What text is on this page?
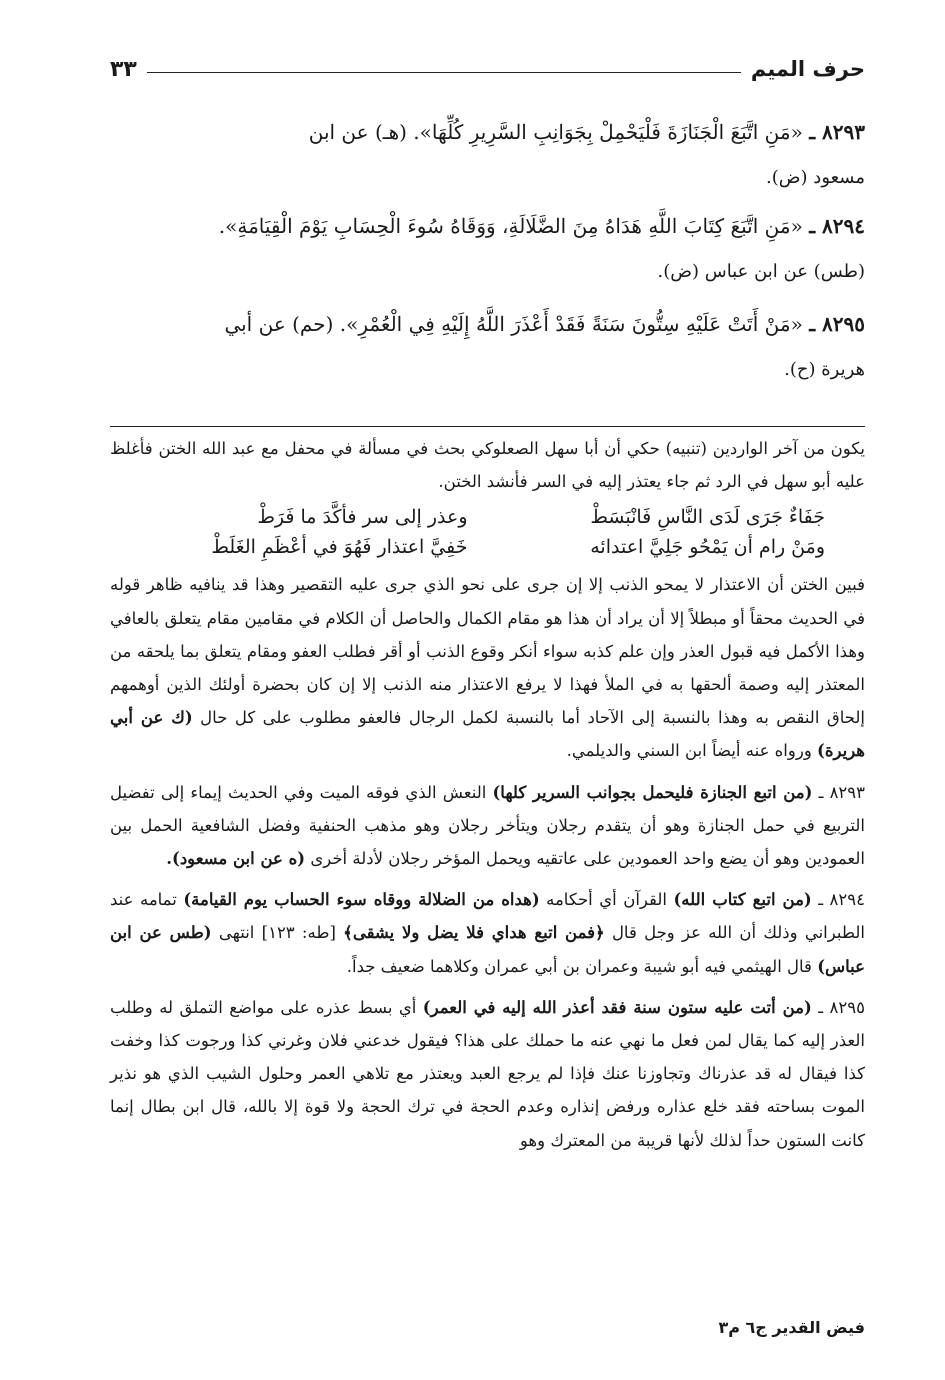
حرف الميم
٣٣
٨٢٩٣ ـ «مَنِ اتَّبَعَ الْجَنَازَةَ فَلْيَحْمِلْ بِجَوَانِبِ السَّرِيرِ كُلِّهَا». (هـ) عن ابن
مسعود (ض).
٨٢٩٤ ـ «مَنِ اتَّبَعَ كِتَابَ اللَّهِ هَدَاهُ مِنَ الضَّلَالَةِ، وَوَقَاهُ سُوءَ الْحِسَابِ يَوْمَ الْقِيَامَةِ».
(طس) عن ابن عباس (ض).
٨٢٩٥ ـ «مَنْ أَتَتْ عَلَيْهِ سِتُّونَ سَنَةً فَقَدْ أَعْذَرَ اللَّهُ إِلَيْهِ فِي الْعُمْرِ». (حم) عن أبي
هريرة (ح).

يكون من آخر الواردين (تنبيه) حكي أن أبا سهل الصعلوكي بحث في مسألة في محفل مع عبد الله الختن فأغلظ عليه أبو سهل في الرد ثم جاء يعتذر إليه في السر فأنشد الختن.

جَفَاءٌ جَرَى لَدَى النَّاسِ فَانْبَسَطْ
وعذر إلى سر فأكَّدَ ما فَرَطْ
ومَنْ رام أن يَمْحُو جَلِيَّ اعتدائه
خَفِيَّ اعتذار فَهُوَ في أعْظَمِ الغَلَطْ

فبين الختن أن الاعتذار لا يمحو الذنب إلا إن جرى على نحو الذي جرى عليه التقصير وهذا قد ينافيه ظاهر قوله في الحديث محقاً أو مبطلاً إلا أن يراد أن هذا هو مقام الكمال والحاصل أن الكلام في مقامين مقام يتعلق بالعافي وهذا الأكمل فيه قبول العذر وإن علم كذبه سواء أنكر وقوع الذنب أو أقر فطلب العفو ومقام يتعلق بما يلحقه من المعتذر إليه وصمة ألحقها به في الملأ فهذا لا يرفع الاعتذار منه الذنب إلا إن كان بحضرة أولئك الذين أوهمهم إلحاق النقص به وهذا بالنسبة إلى الآحاد أما بالنسبة لكمل الرجال فالعفو مطلوب على كل حال (ك عن أبي هريرة) ورواه عنه أيضاً ابن السني والديلمي.

٨٢٩٣ ـ (من اتبع الجنازة فليحمل بجوانب السرير كلها) النعش الذي فوقه الميت وفي الحديث إيماء إلى تفضيل التربيع في حمل الجنازة وهو أن يتقدم رجلان ويتأخر رجلان وهو مذهب الحنفية وفضل الشافعية الحمل بين العمودين وهو أن يضع واحد العمودين على عاتقيه ويحمل المؤخر رجلان لأدلة أخرى (ه عن ابن مسعود).

٨٢٩٤ ـ (من اتبع كتاب الله) القرآن أي أحكامه (هداه من الضلالة ووقاه سوء الحساب يوم القيامة) تمامه عند الطبراني وذلك أن الله عز وجل قال ﴿فمن اتبع هداي فلا يضل ولا يشقى﴾ [طه: ١٢٣] انتهى (طس عن ابن عباس) قال الهيثمي فيه أبو شيبة وعمران بن أبي عمران وكلاهما ضعيف جداً.

٨٢٩٥ ـ (من أتت عليه ستون سنة فقد أعذر الله إليه في العمر) أي بسط عذره على مواضع التملق له وطلب العذر إليه كما يقال لمن فعل ما نهي عنه ما حملك على هذا؟ فيقول خدعني فلان وغرني كذا ورجوت كذا وخفت كذا فيقال له قد عذرناك وتجاوزنا عنك فإذا لم يرجع العبد ويعتذر مع تلاهي العمر وحلول الشيب الذي هو نذير الموت بساحته فقد خلع عذاره ورفض إنذاره وعدم الحجة في ترك الحجة ولا قوة إلا بالله، قال ابن بطال إنما كانت الستون حداً لذلك لأنها قريبة من المعترك وهو

فيض القدير ج٦ م٣
